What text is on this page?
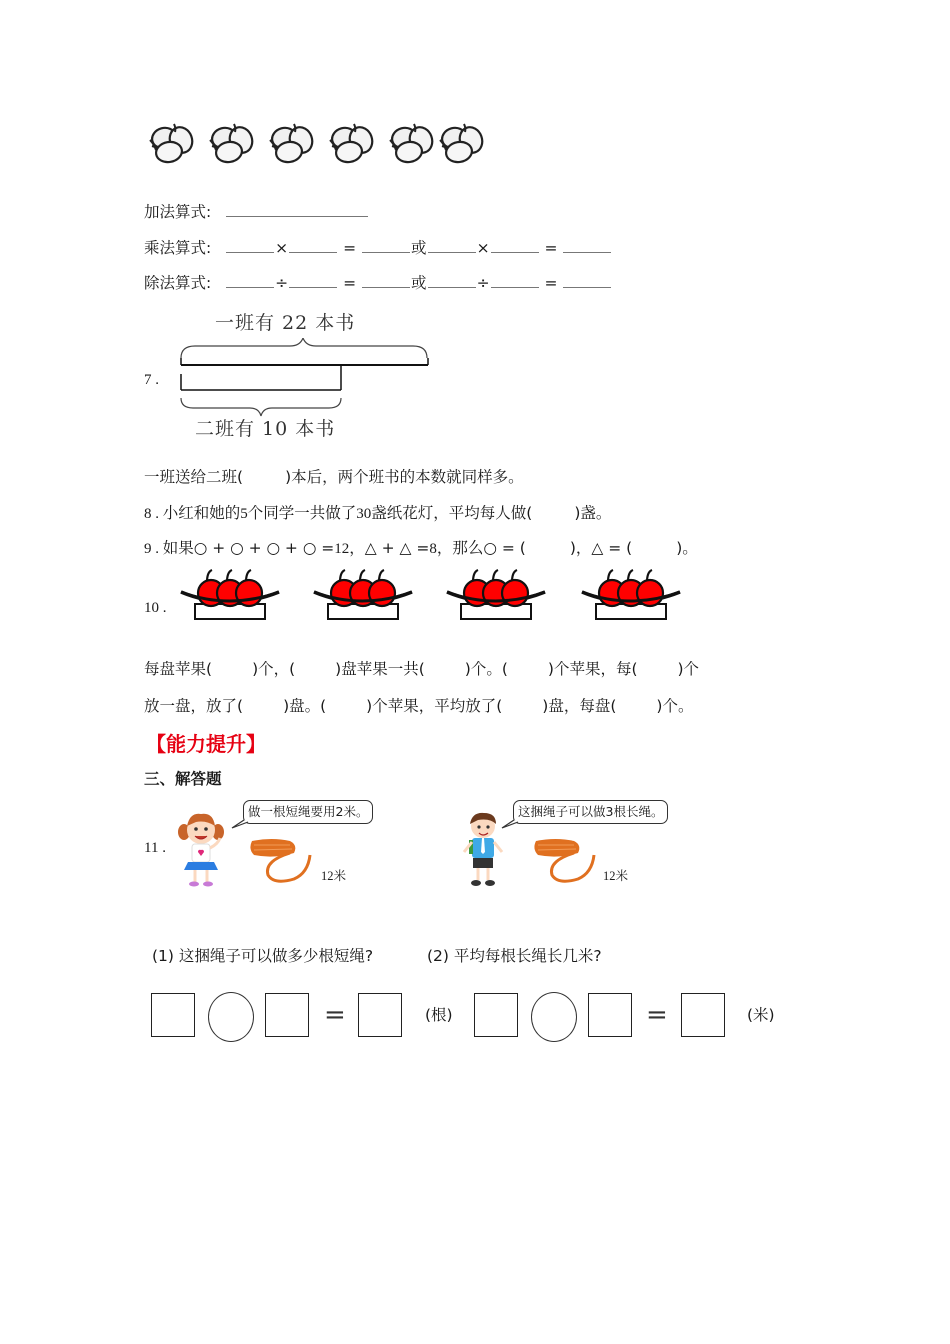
加法算式:
乘法算式:	×	=	或	×	=
除法算式:	÷	=	或	÷	=
一班有 22 本书
7 .
二班有 10 本书
一班送给二班(	)本后，两个班书的本数就同样多。
8 . 小红和她的5个同学一共做了30盏纸花灯，平均每人做(	)盏。
9 . 如果○ + ○ + ○ + ○ =12，△ + △ =8，那么○ = (	)，△ = (	)。
10 .
每盘苹果(	)个，(	)盘苹果一共(	)个。(	)个苹果，每(	)个
放一盘，放了(	)盘。(	)个苹果，平均放了(	)盘，每盘(	)个。
【能力提升】
三、解答题
11 .
做一根短绳要用2米。
12米
这捆绳子可以做3根长绳。
12米
(1) 这捆绳子可以做多少根短绳?	(2) 平均每根长绳长几米?
=	(根)	=	(米)
